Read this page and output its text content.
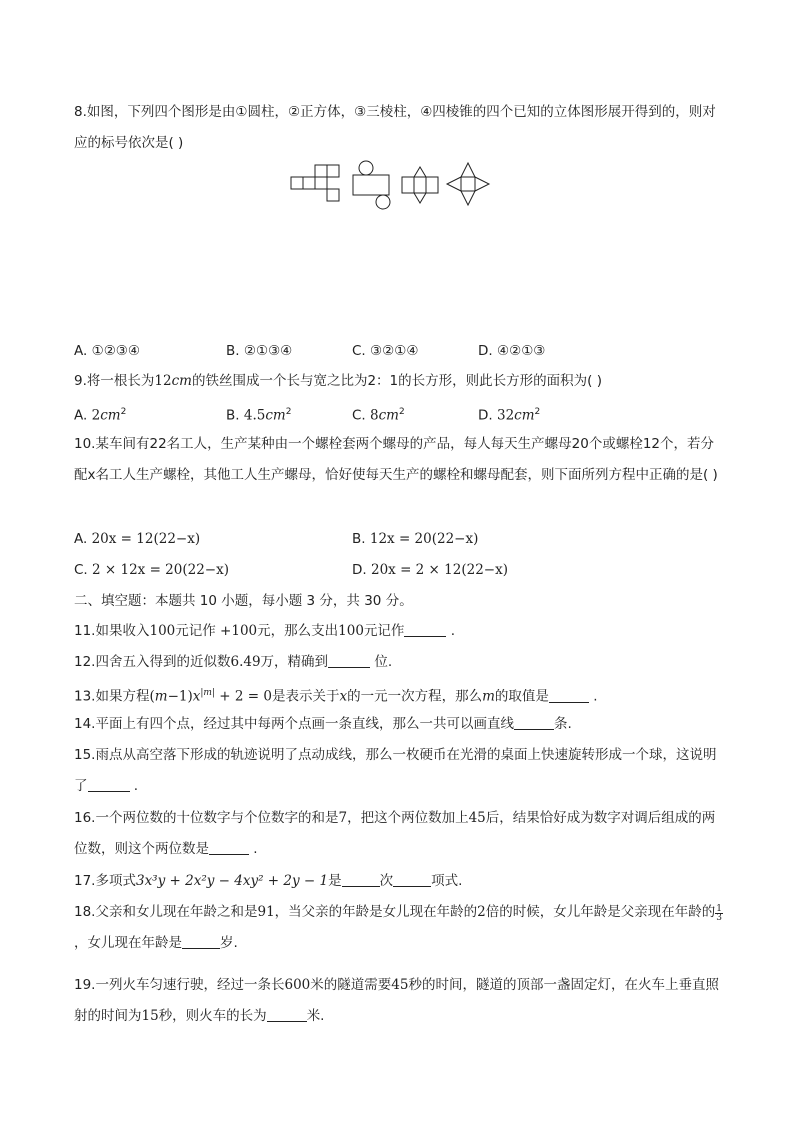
8.如图，下列四个图形是由①圆柱，②正方体，③三棱柱，④四棱锥的四个已知的立体图形展开得到的，则对应的标号依次是( )
A. ①②③④	B. ②①③④	C. ③②①④	D. ④②①③
9.将一根长为12cm的铁丝围成一个长与宽之比为2：1的长方形，则此长方形的面积为( )
A. $2cm^2$	B. $4.5cm^2$	C. $8cm^2$	D. $32cm^2$
10.某车间有22名工人，生产某种由一个螺栓套两个螺母的产品，每人每天生产螺母20个或螺栓12个，若分配x名工人生产螺栓，其他工人生产螺母，恰好使每天生产的螺栓和螺母配套，则下面所列方程中正确的是( )
A. 20x = 12(22−x)	B. 12x = 20(22−x)
C. 2 × 12x = 20(22−x)	D. 20x = 2 × 12(22−x)
二、填空题：本题共 10 小题，每小题 3 分，共 30 分。
11.如果收入100元记作 +100元，那么支出100元记作	.
12.四舍五入得到的近似数6.49万，精确到	位.
13.如果方程$(m-1)x^{|m|} + 2 = 0$是表示关于x的一元一次方程，那么m的取值是	.
14.平面上有四个点，经过其中每两个点画一条直线，那么一共可以画直线	条.
15.雨点从高空落下形成的轨迹说明了点动成线，那么一枚硬币在光滑的桌面上快速旋转形成一个球，这说明了	.
16.一个两位数的十位数字与个位数字的和是7，把这个两位数加上45后，结果恰好成为数字对调后组成的两位数，则这个两位数是	.
17.多项式3x³y + 2x²y − 4xy² + 2y − 1是	次	项式.
18.父亲和女儿现在年龄之和是91，当父亲的年龄是女儿现在年龄的2倍的时候，女儿年龄是父亲现在年龄的 $\frac{1}{3}$
，女儿现在年龄是	岁.
19.一列火车匀速行驶，经过一条长600米的隧道需要45秒的时间，隧道的顶部一盏固定灯，在火车上垂直照射的时间为15秒，则火车的长为	米.
